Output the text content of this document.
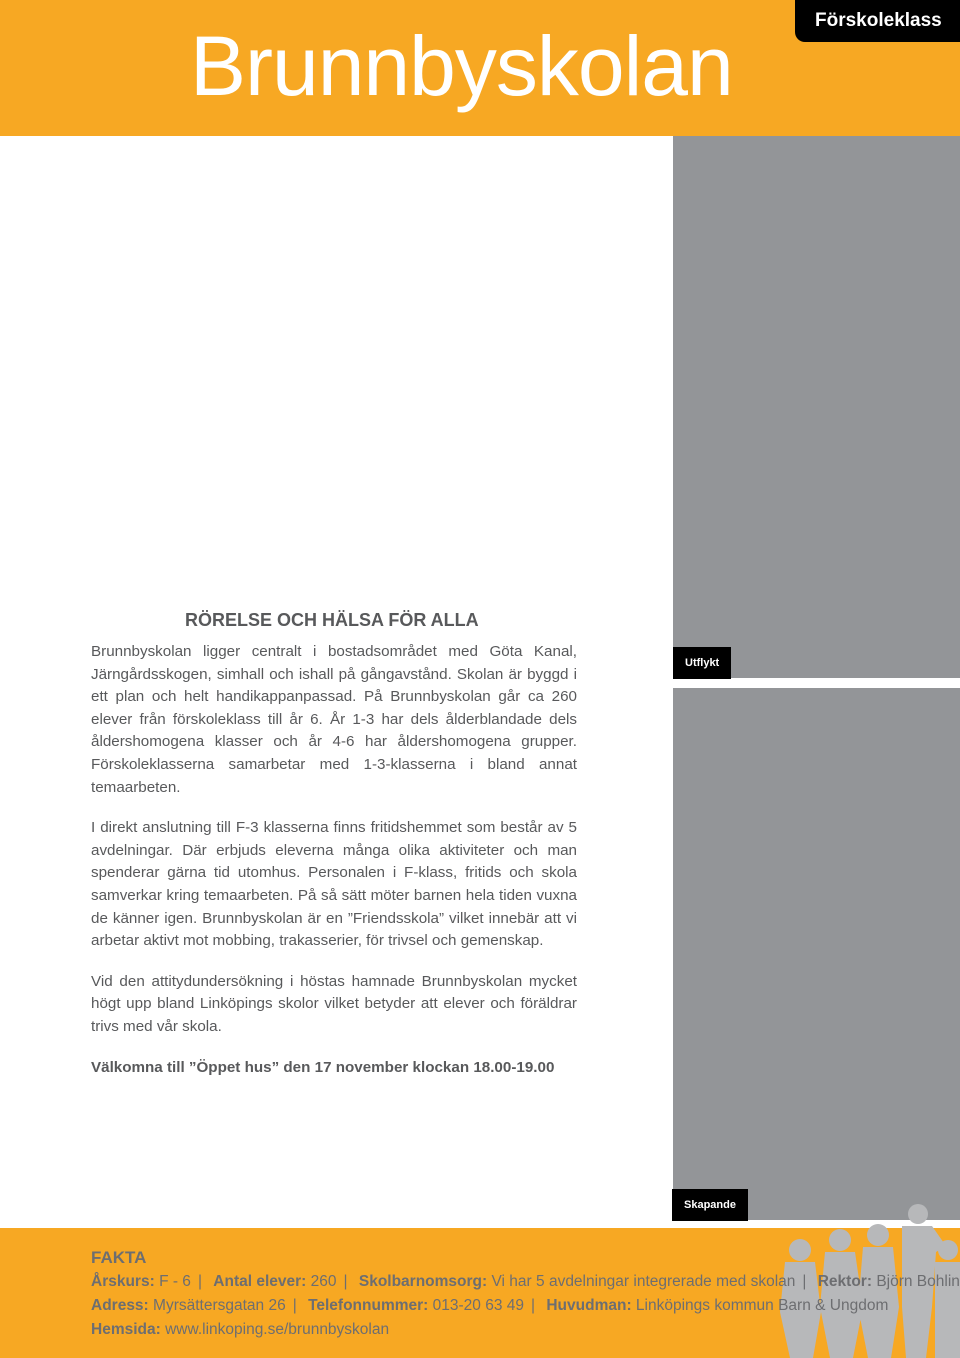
Brunnbyskolan	Förskoleklass
Utflykt
Skapande
RÖRELSE OCH HÄLSA FÖR ALLA

Brunnbyskolan ligger centralt i bostadsområdet med Göta Kanal, Järngårdsskogen, simhall och ishall på gångavstånd. Skolan är byggd i ett plan och helt handikappanpassad. På Brunnbyskolan går ca 260 elever från förskoleklass till år 6. År 1-3 har dels ålderblandade dels åldershomogena klasser och år 4-6 har åldershomogena grupper. Förskoleklasserna samarbetar med 1-3-klasserna i bland annat temaarbeten.

I direkt anslutning till F-3 klasserna finns fritidshemmet som består av 5 avdelningar. Där erbjuds eleverna många olika aktiviteter och man spenderar gärna tid utomhus. Personalen i F-klass, fritids och skola samverkar kring temaarbeten. På så sätt möter barnen hela tiden vuxna de känner igen. Brunnbyskolan är en ”Friendsskola” vilket innebär att vi arbetar aktivt mot mobbing, trakasserier, för trivsel och gemenskap.

Vid den attitydundersökning i höstas hamnade Brunnbyskolan mycket högt upp bland Linköpings skolor vilket betyder att elever och föräldrar trivs med vår skola.

Välkomna till ”Öppet hus” den 17 november klockan 18.00-19.00

FAKTA
Årskurs: F - 6 | Antal elever: 260 | Skolbarnomsorg: Vi har 5 avdelningar integrerade med skolan | Rektor: Björn Bohlin
Adress: Myrsättersgatan 26 | Telefonnummer: 013-20 63 49 | Huvudman: Linköpings kommun Barn & Ungdom
Hemsida: www.linkoping.se/brunnbyskolan
